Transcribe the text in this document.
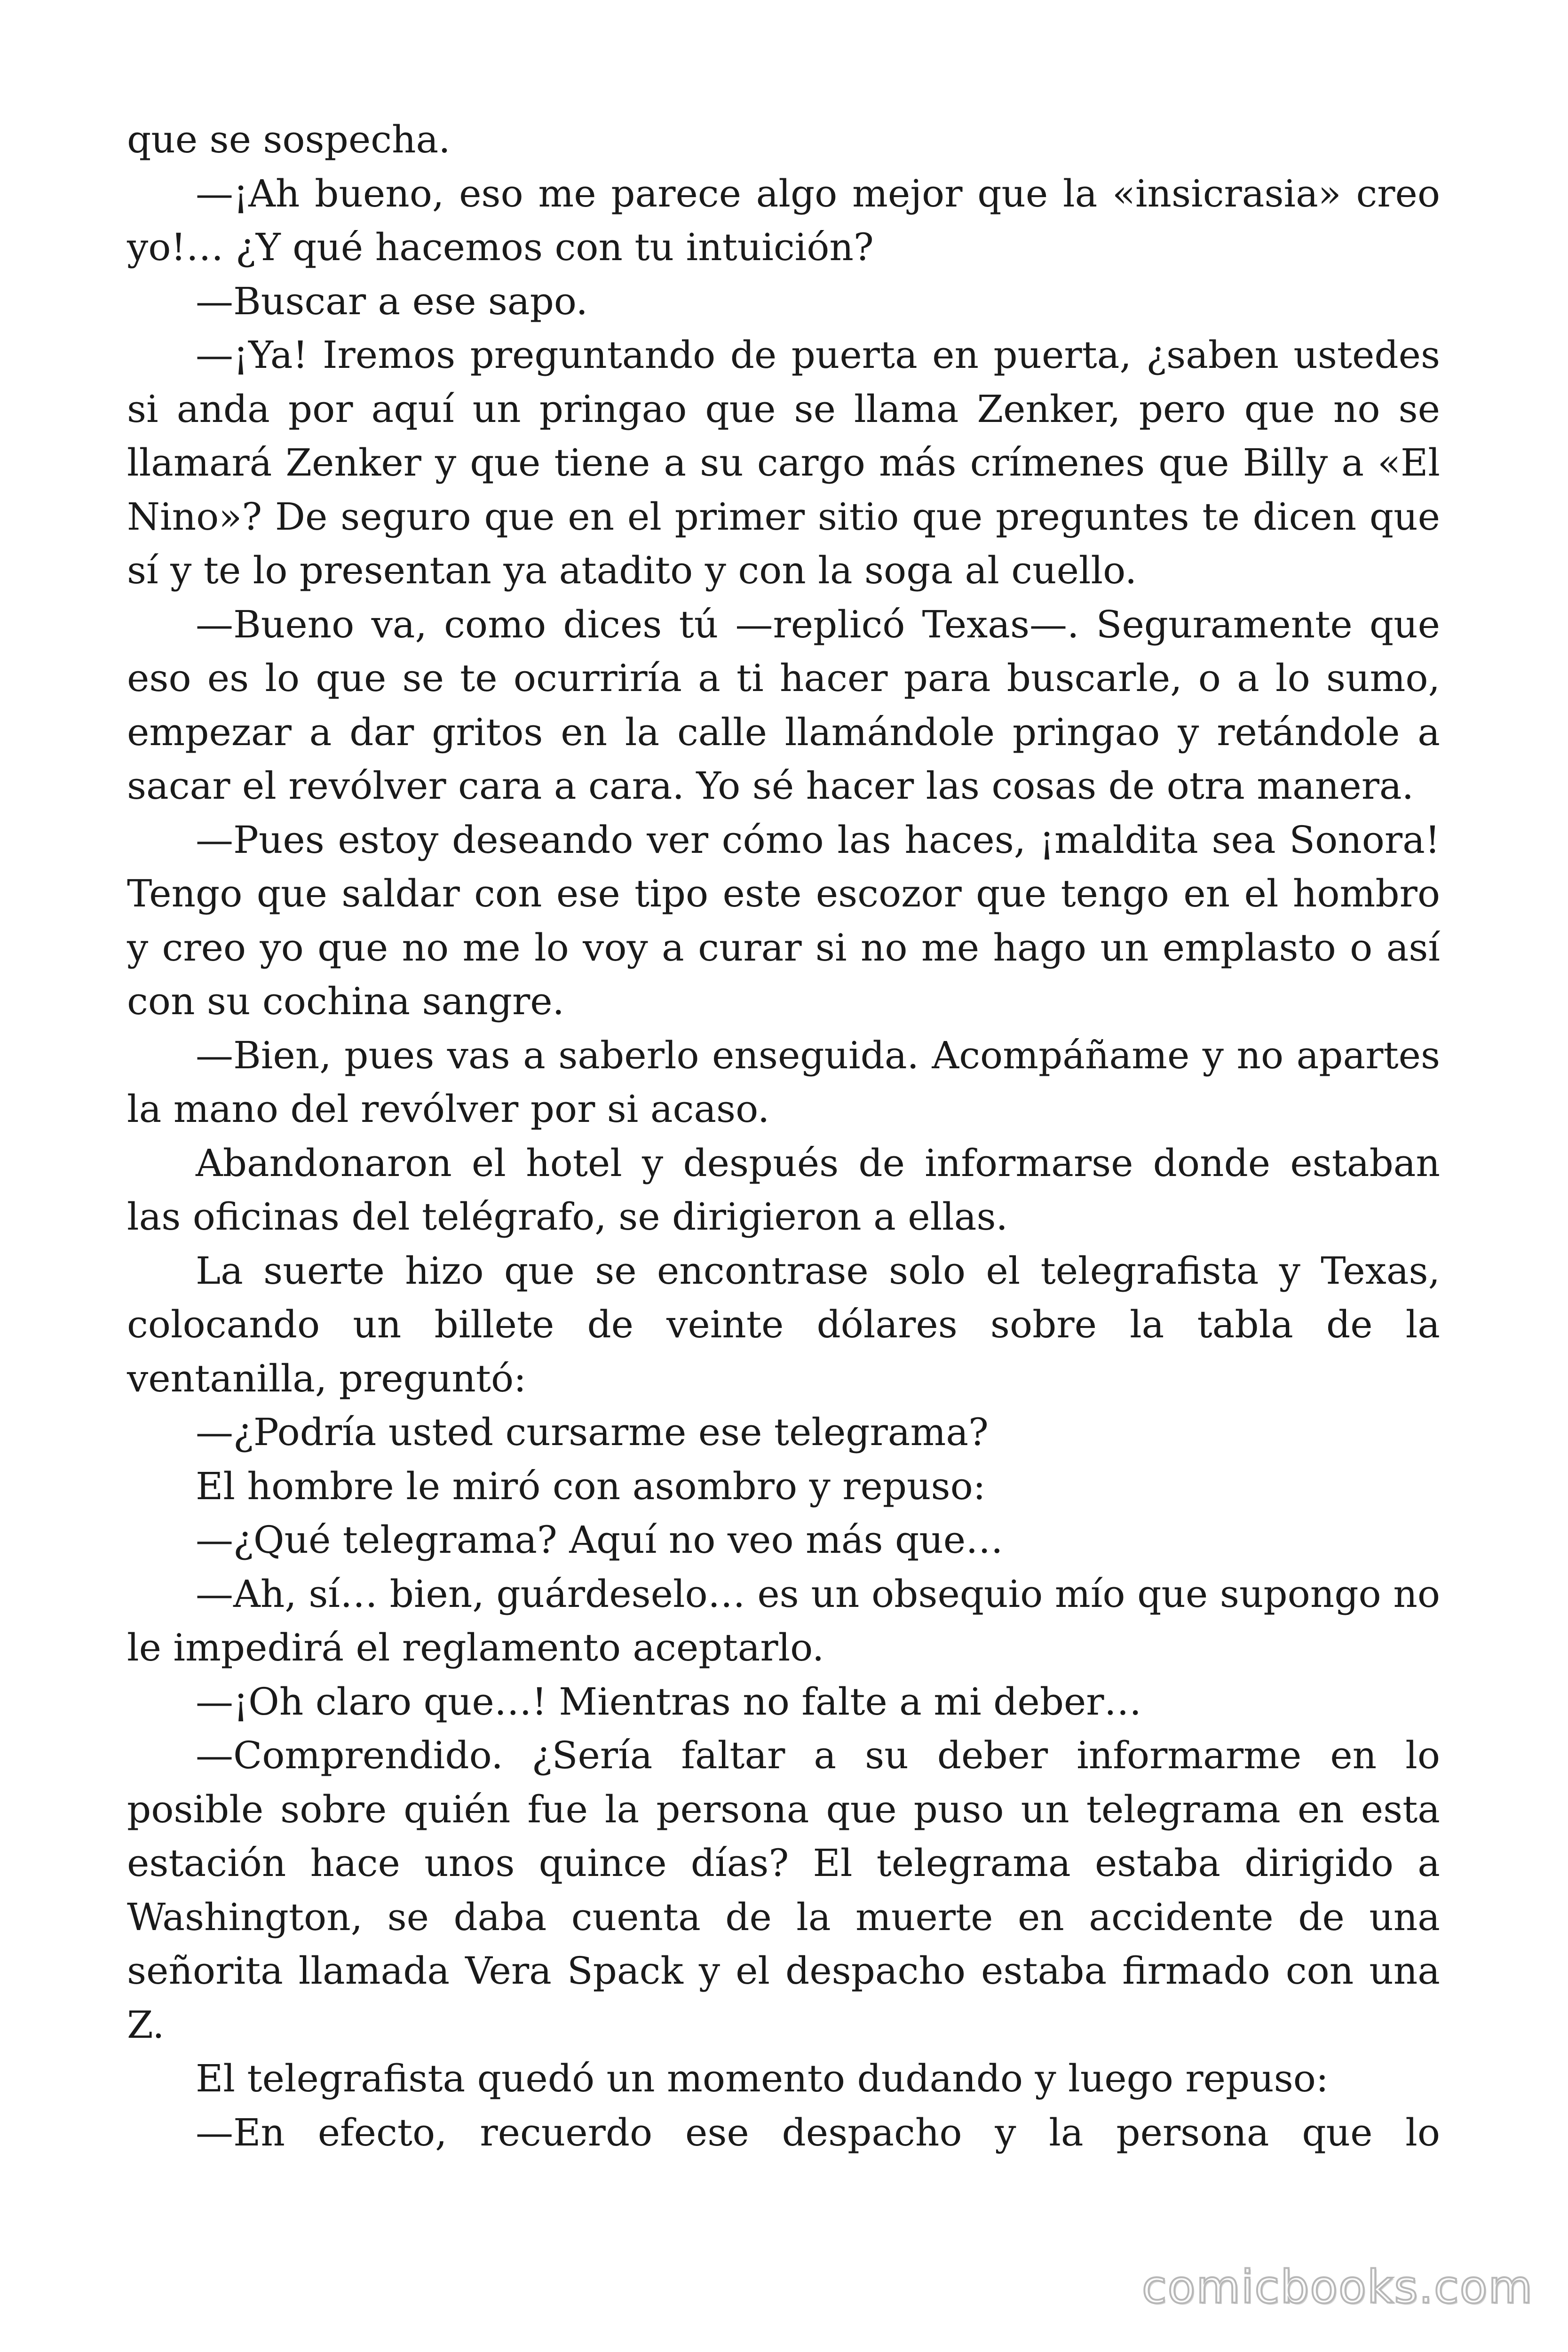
que se sospecha.

—¡Ah bueno, eso me parece algo mejor que la «insicrasia» creo yo!… ¿Y qué hacemos con tu intuición?

—Buscar a ese sapo.

—¡Ya! Iremos preguntando de puerta en puerta, ¿saben ustedes si anda por aquí un pringao que se llama Zenker, pero que no se llamará Zenker y que tiene a su cargo más crímenes que Billy a «El Nino»? De seguro que en el primer sitio que preguntes te dicen que sí y te lo presentan ya atadito y con la soga al cuello.

—Bueno va, como dices tú —replicó Texas—. Seguramente que eso es lo que se te ocurriría a ti hacer para buscarle, o a lo sumo, empezar a dar gritos en la calle llamándole pringao y retándole a sacar el revólver cara a cara. Yo sé hacer las cosas de otra manera.

—Pues estoy deseando ver cómo las haces, ¡maldita sea Sonora! Tengo que saldar con ese tipo este escozor que tengo en el hombro y creo yo que no me lo voy a curar si no me hago un emplasto o así con su cochina sangre.

—Bien, pues vas a saberlo enseguida. Acompáñame y no apartes la mano del revólver por si acaso.

Abandonaron el hotel y después de informarse donde estaban las oficinas del telégrafo, se dirigieron a ellas.

La suerte hizo que se encontrase solo el telegrafista y Texas, colocando un billete de veinte dólares sobre la tabla de la ventanilla, preguntó:

—¿Podría usted cursarme ese telegrama?

El hombre le miró con asombro y repuso:

—¿Qué telegrama? Aquí no veo más que…

—Ah, sí… bien, guárdeselo… es un obsequio mío que supongo no le impedirá el reglamento aceptarlo.

—¡Oh claro que…! Mientras no falte a mi deber…

—Comprendido. ¿Sería faltar a su deber informarme en lo posible sobre quién fue la persona que puso un telegrama en esta estación hace unos quince días? El telegrama estaba dirigido a Washington, se daba cuenta de la muerte en accidente de una señorita llamada Vera Spack y el despacho estaba firmado con una Z.

El telegrafista quedó un momento dudando y luego repuso:

—En efecto, recuerdo ese despacho y la persona que lo

comicbooks.com
